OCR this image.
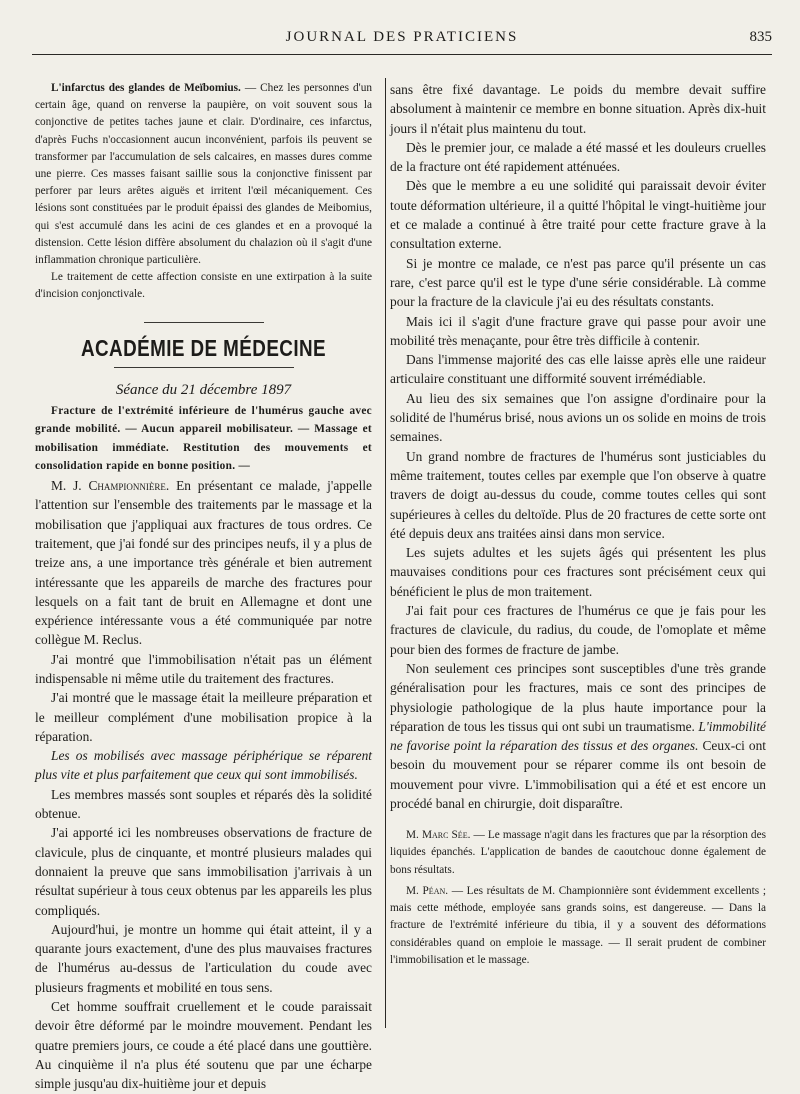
JOURNAL DES PRATICIENS	835

L'infarctus des glandes de Meïbomius. — Chez les personnes d'un certain âge, quand on renverse la paupière, on voit souvent sous la conjonctive de petites taches jaune et clair. D'ordinaire, ces infarctus, d'après Fuchs n'occasionnent aucun inconvénient, parfois ils peuvent se transformer par l'accumulation de sels calcaires, en masses dures comme une pierre. Ces masses faisant saillie sous la conjonctive finissent par perforer par leurs arêtes aiguës et irritent l'œil mécaniquement. Ces lésions sont constituées par le produit épaissi des glandes de Meibomius, qui s'est accumulé dans les acini de ces glandes et en a provoqué la distension. Cette lésion diffère absolument du chalazion où il s'agit d'une inflammation chronique particulière.

Le traitement de cette affection consiste en une extirpation à la suite d'incision conjonctivale.

ACADÉMIE DE MÉDECINE
Séance du 21 décembre 1897

Fracture de l'extrémité inférieure de l'humérus gauche avec grande mobilité. — Aucun appareil mobilisateur. — Massage et mobilisation immédiate. Restitution des mouvements et consolidation rapide en bonne position. —

M. J. Championnière. En présentant ce malade, j'appelle l'attention sur l'ensemble des traitements par le massage et la mobilisation que j'appliquai aux fractures de tous ordres. Ce traitement, que j'ai fondé sur des principes neufs, il y a plus de treize ans, a une importance très générale et bien autrement intéressante que les appareils de marche des fractures pour lesquels on a fait tant de bruit en Allemagne et dont une expérience intéressante vous a été communiquée par notre collègue M. Reclus.

J'ai montré que l'immobilisation n'était pas un élément indispensable ni même utile du traitement des fractures.

J'ai montré que le massage était la meilleure préparation et le meilleur complément d'une mobilisation propice à la réparation.

Les os mobilisés avec massage périphérique se réparent plus vite et plus parfaitement que ceux qui sont immobilisés.

Les membres massés sont souples et réparés dès la solidité obtenue.

J'ai apporté ici les nombreuses observations de fracture de clavicule, plus de cinquante, et montré plusieurs malades qui donnaient la preuve que sans immobilisation j'arrivais à un résultat supérieur à tous ceux obtenus par les appareils les plus compliqués.

Aujourd'hui, je montre un homme qui était atteint, il y a quarante jours exactement, d'une des plus mauvaises fractures de l'humérus au-dessus de l'articulation du coude avec plusieurs fragments et mobilité en tous sens.

Cet homme souffrait cruellement et le coude paraissait devoir être déformé par le moindre mouvement. Pendant les quatre premiers jours, ce coude a été placé dans une gouttière. Au cinquième il n'a plus été soutenu que par une écharpe simple jusqu'au dix-huitième jour et depuis

sans être fixé davantage. Le poids du membre devait suffire absolument à maintenir ce membre en bonne situation. Après dix-huit jours il n'était plus maintenu du tout.

Dès le premier jour, ce malade a été massé et les douleurs cruelles de la fracture ont été rapidement atténuées.

Dès que le membre a eu une solidité qui paraissait devoir éviter toute déformation ultérieure, il a quitté l'hôpital le vingt-huitième jour et ce malade a continué à être traité pour cette fracture grave à la consultation externe.

Si je montre ce malade, ce n'est pas parce qu'il présente un cas rare, c'est parce qu'il est le type d'une série considérable. Là comme pour la fracture de la clavicule j'ai eu des résultats constants.

Mais ici il s'agit d'une fracture grave qui passe pour avoir une mobilité très menaçante, pour être très difficile à contenir.

Dans l'immense majorité des cas elle laisse après elle une raideur articulaire constituant une difformité souvent irrémédiable.

Au lieu des six semaines que l'on assigne d'ordinaire pour la solidité de l'humérus brisé, nous avions un os solide en moins de trois semaines.

Un grand nombre de fractures de l'humérus sont justiciables du même traitement, toutes celles par exemple que l'on observe à quatre travers de doigt au-dessus du coude, comme toutes celles qui sont supérieures à celles du deltoïde. Plus de 20 fractures de cette sorte ont été depuis deux ans traitées ainsi dans mon service.

Les sujets adultes et les sujets âgés qui présentent les plus mauvaises conditions pour ces fractures sont précisément ceux qui bénéficient le plus de mon traitement.

J'ai fait pour ces fractures de l'humérus ce que je fais pour les fractures de clavicule, du radius, du coude, de l'omoplate et même pour bien des formes de fracture de jambe.

Non seulement ces principes sont susceptibles d'une très grande généralisation pour les fractures, mais ce sont des principes de physiologie pathologique de la plus haute importance pour la réparation de tous les tissus qui ont subi un traumatisme. L'immobilité ne favorise point la réparation des tissus et des organes. Ceux-ci ont besoin du mouvement pour se réparer comme ils ont besoin de mouvement pour vivre. L'immobilisation qui a été et est encore un procédé banal en chirurgie, doit disparaître.

M. Marc Sée. — Le massage n'agit dans les fractures que par la résorption des liquides épanchés. L'application de bandes de caoutchouc donne également de bons résultats.

M. Péan. — Les résultats de M. Championnière sont évidemment excellents ; mais cette méthode, employée sans grands soins, est dangereuse. — Dans la fracture de l'extrémité inférieure du tibia, il y a souvent des déformations considérables quand on emploie le massage. — Il serait prudent de combiner l'immobilisation et le massage.
